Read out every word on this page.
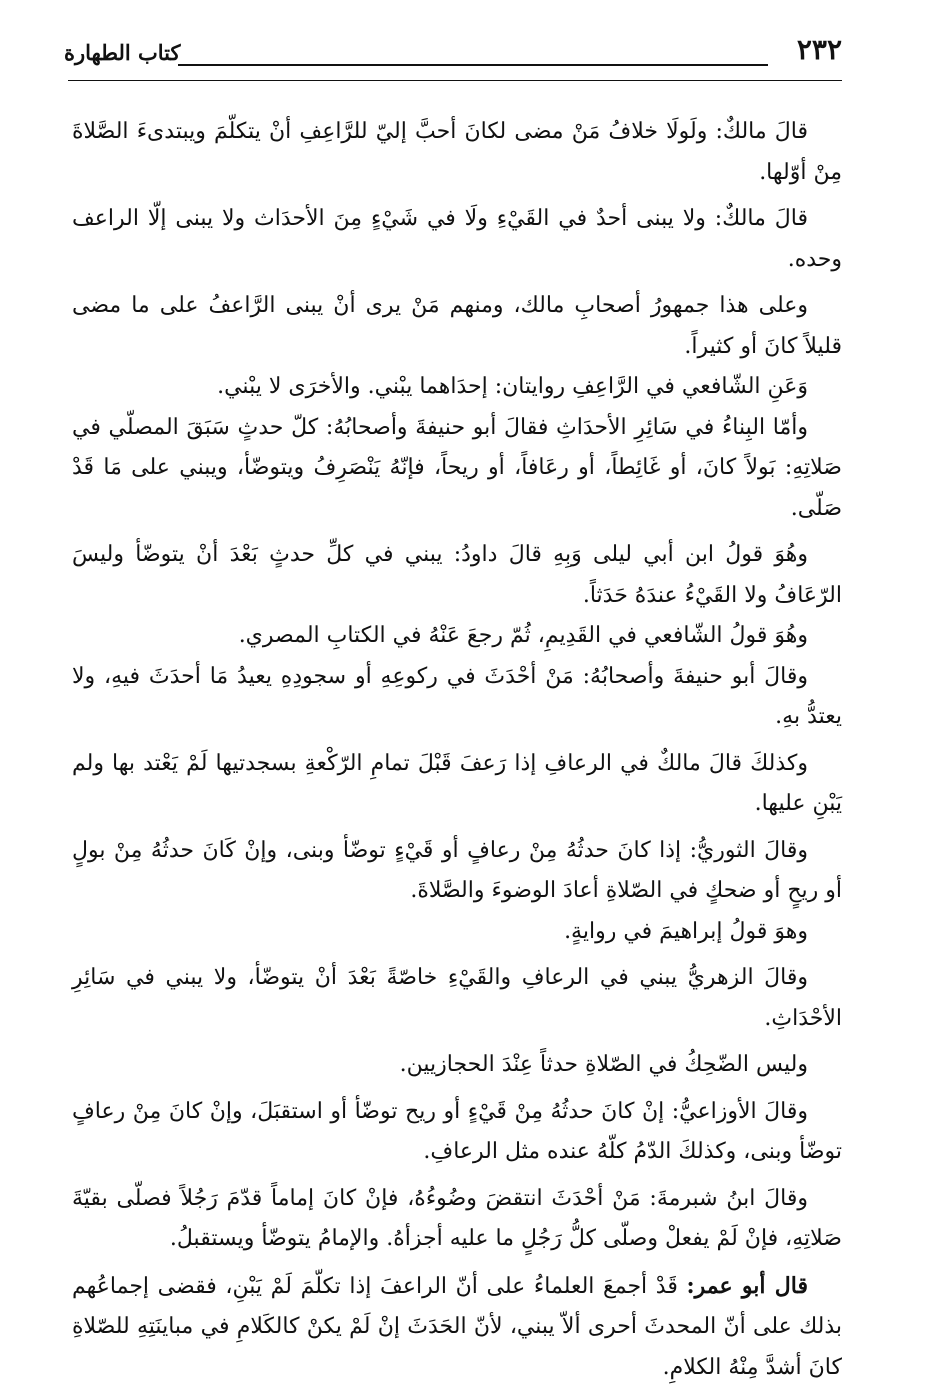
٢٣٢
كتاب الطهارة

قالَ مالكٌ: ولَولَا خلافُ مَنْ مضى لكانَ أحبَّ إليّ للرَّاعِفِ أنْ يتكلّمَ ويبتدىءَ الصَّلاةَ مِنْ أوّلها.

قالَ مالكٌ: ولا يبنى أحدٌ في القَيْءِ ولَا في شَيْءٍ مِنَ الأحدَاث ولا يبنى إلّا الراعف وحده.

وعلى هذا جمهورُ أصحابِ مالك، ومنهم مَنْ يرى أنْ يبنى الرَّاعفُ على ما مضى قليلاً كانَ أو كثيراً.

وَعَنِ الشّافعي في الرَّاعِفِ روايتان: إحدَاهما يبْني. والأخرَى لا يبْني.

وأمّا البِناءُ في سَائِرِ الأحدَاثِ فقالَ أبو حنيفةَ وأصحابُهُ: كلّ حدثٍ سَبَقَ المصلّي في صَلاتِهِ: بَولاً كانَ، أو غَائِطاً، أو رعَافاً، أو ريحاً، فإنّهُ يَنْصَرِفُ ويتوضّأ، ويبني على مَا قَدْ صَلّى.

وهُوَ قولُ ابن أبي ليلى وَبِهِ قالَ داودُ: يبني في كلِّ حدثٍ بَعْدَ أنْ يتوضّأ وليسَ الرّعَافُ ولا القَيْءُ عندَهُ حَدَثاً.

وهُوَ قولُ الشّافعي في القَدِيمِ، ثُمّ رجعَ عَنْهُ في الكتابِ المصري.

وقالَ أبو حنيفةَ وأصحابُهُ: مَنْ أحْدَثَ في ركوعِهِ أو سجودِهِ يعيدُ مَا أحدَثَ فيهِ، ولا يعتدُّ بهِ.

وكذلكَ قالَ مالكٌ في الرعافِ إذا رَعفَ قَبْلَ تمامِ الرّكْعةِ بسجدتيها لَمْ يَعْتد بها ولم يَبْنِ عليها.

وقالَ الثوريُّ: إذا كانَ حدثُهُ مِنْ رعافٍ أو قَيْءٍ توضّأ وبنى، وإنْ كَانَ حدثُهُ مِنْ بولٍ أو ريحٍ أو ضحكٍ في الصّلاةِ أعادَ الوضوءَ والصَّلاةَ.

وهوَ قولُ إبراهيمَ في روايةٍ.

وقالَ الزهريُّ يبني في الرعافِ والقَيْءِ خاصّةً بَعْدَ أنْ يتوضّأ، ولا يبني في سَائِرِ الأحْدَاثِ.

وليس الضّحِكُ في الصّلاةِ حدثاً عِنْدَ الحجازيين.

وقالَ الأوزاعيُّ: إنْ كانَ حدثُهُ مِنْ قَيْءٍ أو ريح توضّأ أو استقبَلَ، وإنْ كانَ مِنْ رعافٍ توضّأ وبنى، وكذلكَ الدّمُ كلّهُ عنده مثل الرعافِ.

وقالَ ابنُ شبرمةَ: مَنْ أحْدَثَ انتقضَ وضُوءُهُ، فإنْ كانَ إماماً قدّمَ رَجُلاً فصلّى بقيّةَ صَلاتِهِ، فإنْ لَمْ يفعلْ وصلّى كلُّ رَجُلٍ ما عليه أجزأهُ. والإمامُ يتوضّأ ويستقبلُ.

قال أبو عمر: قَدْ أجمعَ العلماءُ على أنّ الراعفَ إذا تكلّمَ لَمْ يَبْنِ، فقضى إجماعُهم بذلك على أنّ المحدثَ أحرى ألاّ يبني، لأنّ الحَدَثَ إنْ لَمْ يكنْ كالكَلامِ في مباينَتِهِ للصّلاةِ كانَ أشدَّ مِنْهُ الكلامِ.
